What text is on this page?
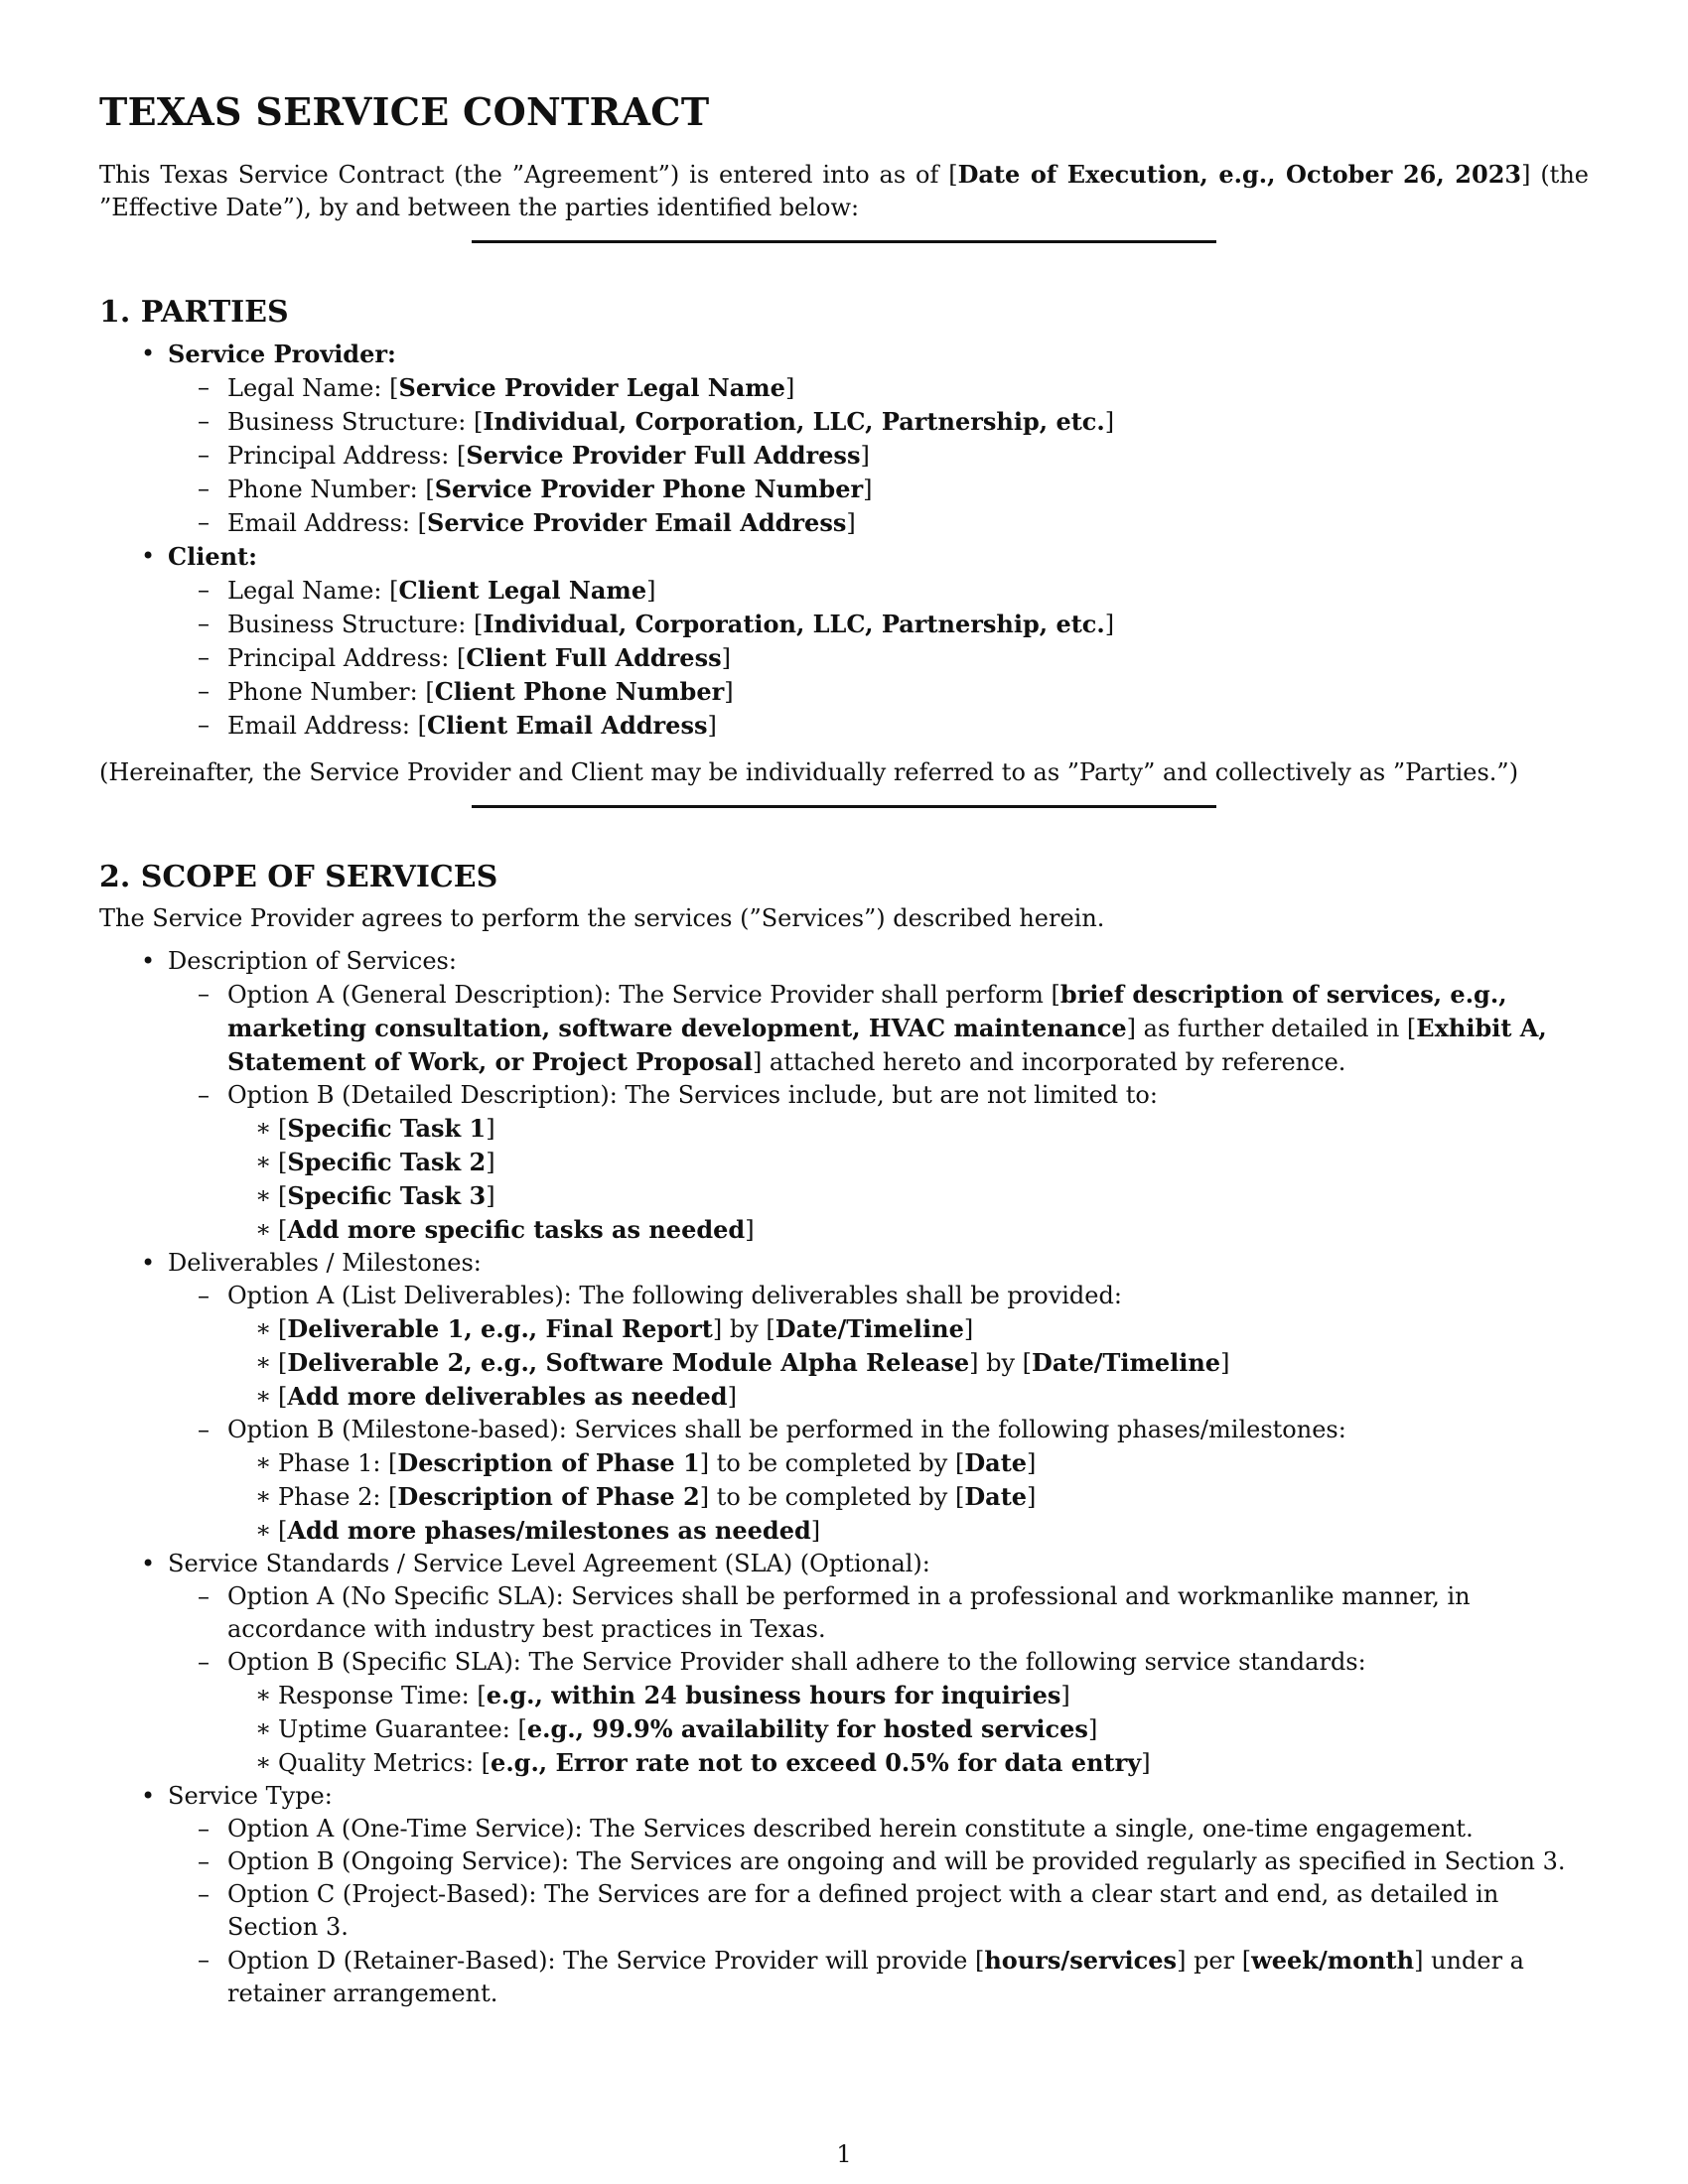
TEXAS SERVICE CONTRACT

This Texas Service Contract (the ”Agreement”) is entered into as of [Date of Execution, e.g., October 26, 2023] (the ”Effective Date”), by and between the parties identified below:

1. PARTIES
• Service Provider:
– Legal Name: [Service Provider Legal Name]
– Business Structure: [Individual, Corporation, LLC, Partnership, etc.]
– Principal Address: [Service Provider Full Address]
– Phone Number: [Service Provider Phone Number]
– Email Address: [Service Provider Email Address]
• Client:
– Legal Name: [Client Legal Name]
– Business Structure: [Individual, Corporation, LLC, Partnership, etc.]
– Principal Address: [Client Full Address]
– Phone Number: [Client Phone Number]
– Email Address: [Client Email Address]

(Hereinafter, the Service Provider and Client may be individually referred to as ”Party” and collectively as ”Parties.”)

2. SCOPE OF SERVICES

The Service Provider agrees to perform the services (”Services”) described herein.

• Description of Services:
– Option A (General Description): The Service Provider shall perform [brief description of services, e.g., marketing consultation, software development, HVAC maintenance] as further detailed in [Exhibit A, Statement of Work, or Project Proposal] attached hereto and incorporated by reference.
– Option B (Detailed Description): The Services include, but are not limited to:
∗ [Specific Task 1]
∗ [Specific Task 2]
∗ [Specific Task 3]
∗ [Add more specific tasks as needed]
• Deliverables / Milestones:
– Option A (List Deliverables): The following deliverables shall be provided:
∗ [Deliverable 1, e.g., Final Report] by [Date/Timeline]
∗ [Deliverable 2, e.g., Software Module Alpha Release] by [Date/Timeline]
∗ [Add more deliverables as needed]
– Option B (Milestone-based): Services shall be performed in the following phases/milestones:
∗ Phase 1: [Description of Phase 1] to be completed by [Date]
∗ Phase 2: [Description of Phase 2] to be completed by [Date]
∗ [Add more phases/milestones as needed]
• Service Standards / Service Level Agreement (SLA) (Optional):
– Option A (No Specific SLA): Services shall be performed in a professional and workmanlike manner, in accordance with industry best practices in Texas.
– Option B (Specific SLA): The Service Provider shall adhere to the following service standards:
∗ Response Time: [e.g., within 24 business hours for inquiries]
∗ Uptime Guarantee: [e.g., 99.9% availability for hosted services]
∗ Quality Metrics: [e.g., Error rate not to exceed 0.5% for data entry]
• Service Type:
– Option A (One-Time Service): The Services described herein constitute a single, one-time engagement.
– Option B (Ongoing Service): The Services are ongoing and will be provided regularly as specified in Section 3.
– Option C (Project-Based): The Services are for a defined project with a clear start and end, as detailed in Section 3.
– Option D (Retainer-Based): The Service Provider will provide [hours/services] per [week/month] under a retainer arrangement.
1
